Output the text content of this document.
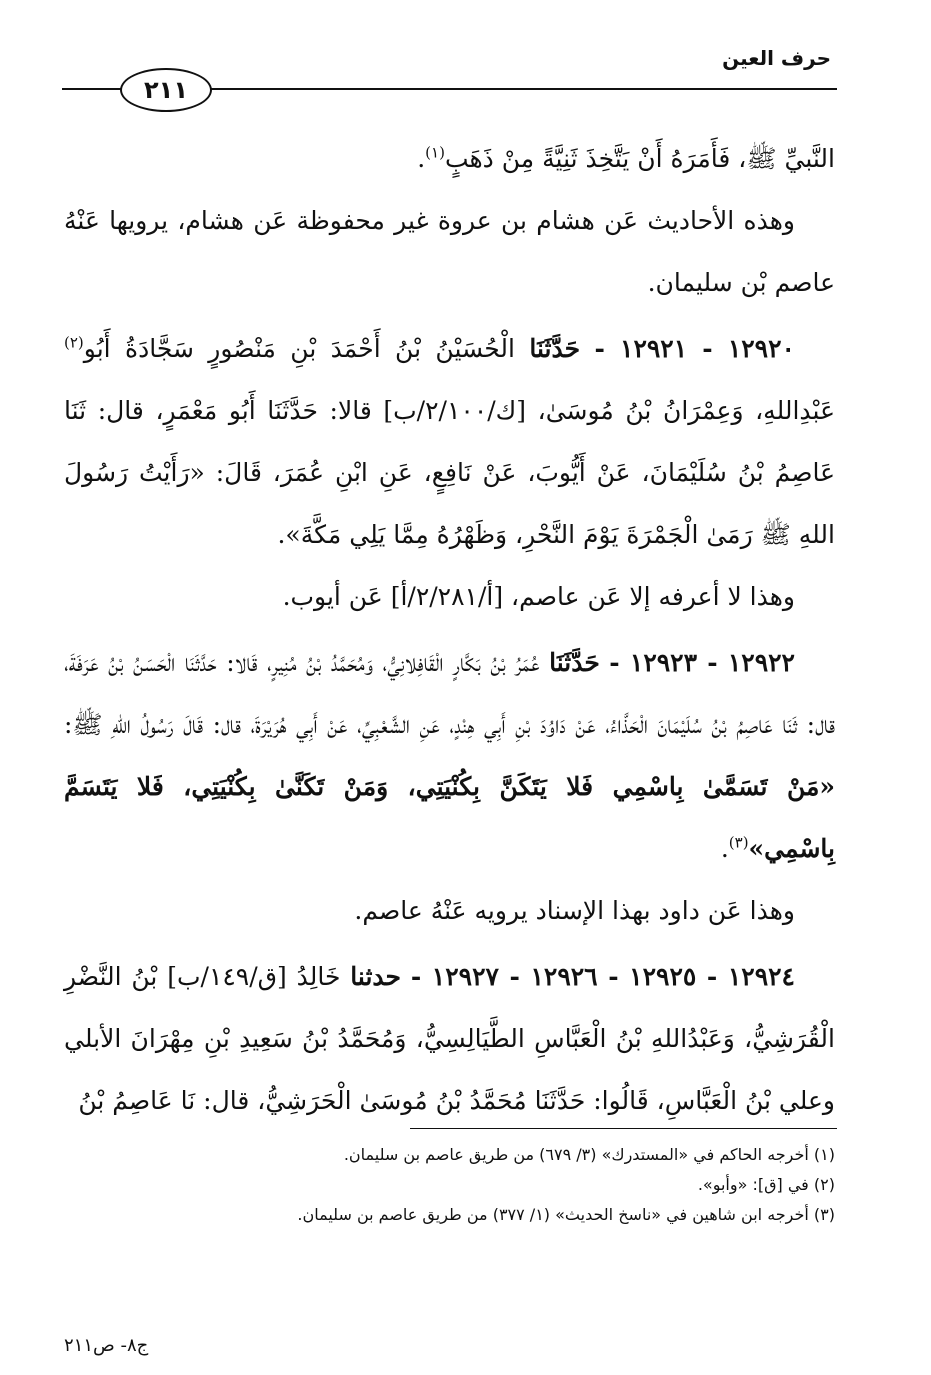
حرف العين
٢١١

النَّبيِّ ﷺ، فَأَمَرَهُ أَنْ يَتَّخِذَ ثَنِيَّةً مِنْ ذَهَبٍ$^{(١)}$.

وهذه الأحاديث عَن هشام بن عروة غير محفوظة عَن هشام، يرويها عَنْهُ عاصم بْن سليمان.

١٢٩٢٠ - ١٢٩٢١ - حَدَّثَنَا الْحُسَيْنُ بْنُ أَحْمَدَ بْنِ مَنْصُورٍ سَجَّادَةُ أَبُو$^{(٢)}$ عَبْدِاللهِ، وَعِمْرَانُ بْنُ مُوسَىٰ، [ك/٢/١٠٠/ب] قالا: حَدَّثَنَا أَبُو مَعْمَرٍ، قال: ثَنَا عَاصِمُ بْنُ سُلَيْمَانَ، عَنْ أَيُّوبَ، عَنْ نَافِعٍ، عَنِ ابْنِ عُمَرَ، قَالَ: «رَأَيْتُ رَسُولَ اللهِ ﷺ رَمَىٰ الْجَمْرَةَ يَوْمَ النَّحْرِ، وَظَهْرُهُ مِمَّا يَلِي مَكَّةَ».

وهذا لا أعرفه إلا عَن عاصم، [أ/٢/٢٨١/أ] عَن أيوب.

١٢٩٢٢ - ١٢٩٢٣ - حَدَّثَنَا عُمَرُ بْنُ بَكَّارٍ الْقَافِلانِيُّ، وَمُحَمَّدُ بْنُ مُنِيرٍ، قَالا: حَدَّثَنَا الْحَسَنُ بْنُ عَرَفَةَ، قال: ثَنَا عَاصِمُ بْنُ سُلَيْمَانَ الْحَذَّاءُ، عَنْ دَاوُدَ بْنِ أَبِي هِنْدٍ، عَنِ الشَّعْبِيِّ، عَنْ أَبِي هُرَيْرَةَ، قال: قَالَ رَسُولُ اللهِ ﷺ: «مَنْ تَسَمَّىٰ بِاسْمِي فَلا يَتَكَنَّ بِكُنْيَتِي، وَمَنْ تَكَنَّىٰ بِكُنْيَتِي، فَلا يَتَسَمَّ بِاسْمِي»$^{(٣)}$.

وهذا عَن داود بهذا الإسناد يرويه عَنْهُ عاصم.

١٢٩٢٤ - ١٢٩٢٥ - ١٢٩٢٦ - ١٢٩٢٧ - حدثنا خَالِدُ [ق/١٤٩/ب] بْنُ النَّضْرِ الْقُرَشِيُّ، وَعَبْدُاللهِ بْنُ الْعَبَّاسِ الطَّيَالِسِيُّ، وَمُحَمَّدُ بْنُ سَعِيدِ بْنِ مِهْرَانَ الأبلي وعلي بْنُ الْعَبَّاسِ، قَالُوا: حَدَّثَنَا مُحَمَّدُ بْنُ مُوسَىٰ الْحَرَشِيُّ، قال: نَا عَاصِمُ بْنُ

(١) أخرجه الحاكم في «المستدرك» (٣/ ٦٧٩) من طريق عاصم بن سليمان.

(٢) في [ق]: «وأبو».

(٣) أخرجه ابن شاهين في «ناسخ الحديث» (١/ ٣٧٧) من طريق عاصم بن سليمان.

ج٨- ص٢١١
